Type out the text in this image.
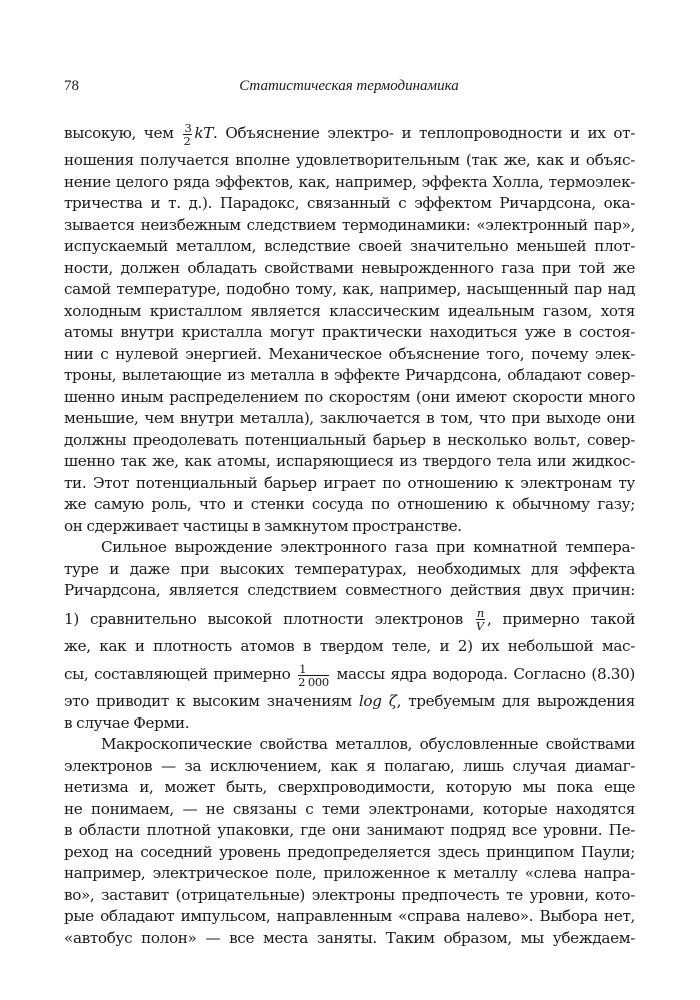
78	Статистическая термодинамика
высокую, чем $\frac{3}{2}$ kT. Объяснение электро- и теплопроводности и их от-
ношения получается вполне удовлетворительным (так же, как и объяс-
нение целого ряда эффектов, как, например, эффекта Холла, термоэлек-
тричества и т. д.). Парадокс, связанный с эффектом Ричардсона, ока-
зывается неизбежным следствием термодинамики: «электронный пар»,
испускаемый металлом, вследствие своей значительно меньшей плот-
ности, должен обладать свойствами невырожденного газа при той же
самой температуре, подобно тому, как, например, насыщенный пар над
холодным кристаллом является классическим идеальным газом, хотя
атомы внутри кристалла могут практически находиться уже в состоя-
нии с нулевой энергией. Механическое объяснение того, почему элек-
троны, вылетающие из металла в эффекте Ричардсона, обладают совер-
шенно иным распределением по скоростям (они имеют скорости много
меньшие, чем внутри металла), заключается в том, что при выходе они
должны преодолевать потенциальный барьер в несколько вольт, совер-
шенно так же, как атомы, испаряющиеся из твердого тела или жидкос-
ти. Этот потенциальный барьер играет по отношению к электронам ту
же самую роль, что и стенки сосуда по отношению к обычному газу;
он сдерживает частицы в замкнутом пространстве.
Сильное вырождение электронного газа при комнатной темпера-
туре и даже при высоких температурах, необходимых для эффекта
Ричардсона, является следствием совместного действия двух причин:
1) сравнительно высокой плотности электронов $\frac{n}{V}$ , примерно такой
же, как и плотность атомов в твердом теле, и 2) их небольшой мас-
сы, составляющей примерно $\frac{1}{2 000}$ массы ядра водорода. Согласно (8.30)
это приводит к высоким значениям log ζ, требуемым для вырождения
в случае Ферми.
Макроскопические свойства металлов, обусловленные свойствами
электронов — за исключением, как я полагаю, лишь случая диамаг-
нетизма и, может быть, сверхпроводимости, которую мы пока еще
не понимаем, — не связаны с теми электронами, которые находятся
в области плотной упаковки, где они занимают подряд все уровни. Пе-
реход на соседний уровень предопределяется здесь принципом Паули;
например, электрическое поле, приложенное к металлу «слева напра-
во», заставит (отрицательные) электроны предпочесть те уровни, кото-
рые обладают импульсом, направленным «справа налево». Выбора нет,
«автобус полон» — все места заняты. Таким образом, мы убеждаем-
